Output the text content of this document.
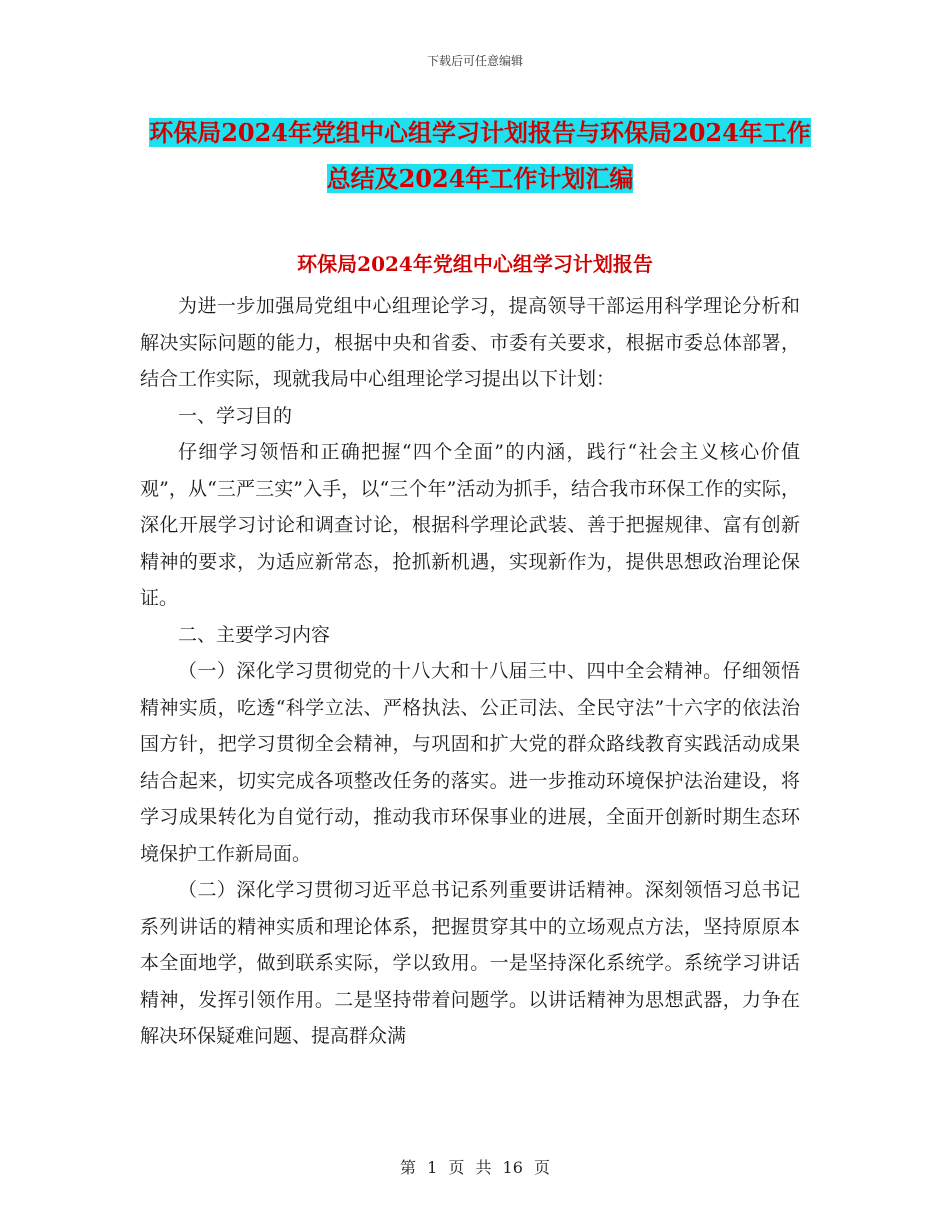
下载后可任意编辑
环保局2024年党组中心组学习计划报告与环保局2024年工作总结及2024年工作计划汇编
环保局2024年党组中心组学习计划报告

为进一步加强局党组中心组理论学习，提高领导干部运用科学理论分析和解决实际问题的能力，根据中央和省委、市委有关要求，根据市委总体部署，结合工作实际，现就我局中心组理论学习提出以下计划：

一、学习目的

仔细学习领悟和正确把握“四个全面”的内涵，践行“社会主义核心价值观”，从“三严三实”入手，以“三个年”活动为抓手，结合我市环保工作的实际，深化开展学习讨论和调查讨论，根据科学理论武装、善于把握规律、富有创新精神的要求，为适应新常态，抢抓新机遇，实现新作为，提供思想政治理论保证。

二、主要学习内容

（一）深化学习贯彻党的十八大和十八届三中、四中全会精神。仔细领悟精神实质，吃透“科学立法、严格执法、公正司法、全民守法”十六字的依法治国方针，把学习贯彻全会精神，与巩固和扩大党的群众路线教育实践活动成果结合起来，切实完成各项整改任务的落实。进一步推动环境保护法治建设，将学习成果转化为自觉行动，推动我市环保事业的进展，全面开创新时期生态环境保护工作新局面。

（二）深化学习贯彻习近平总书记系列重要讲话精神。深刻领悟习总书记系列讲话的精神实质和理论体系，把握贯穿其中的立场观点方法，坚持原原本本全面地学，做到联系实际，学以致用。一是坚持深化系统学。系统学习讲话精神，发挥引领作用。二是坚持带着问题学。以讲话精神为思想武器，力争在解决环保疑难问题、提高群众满

第 1 页 共 16 页
